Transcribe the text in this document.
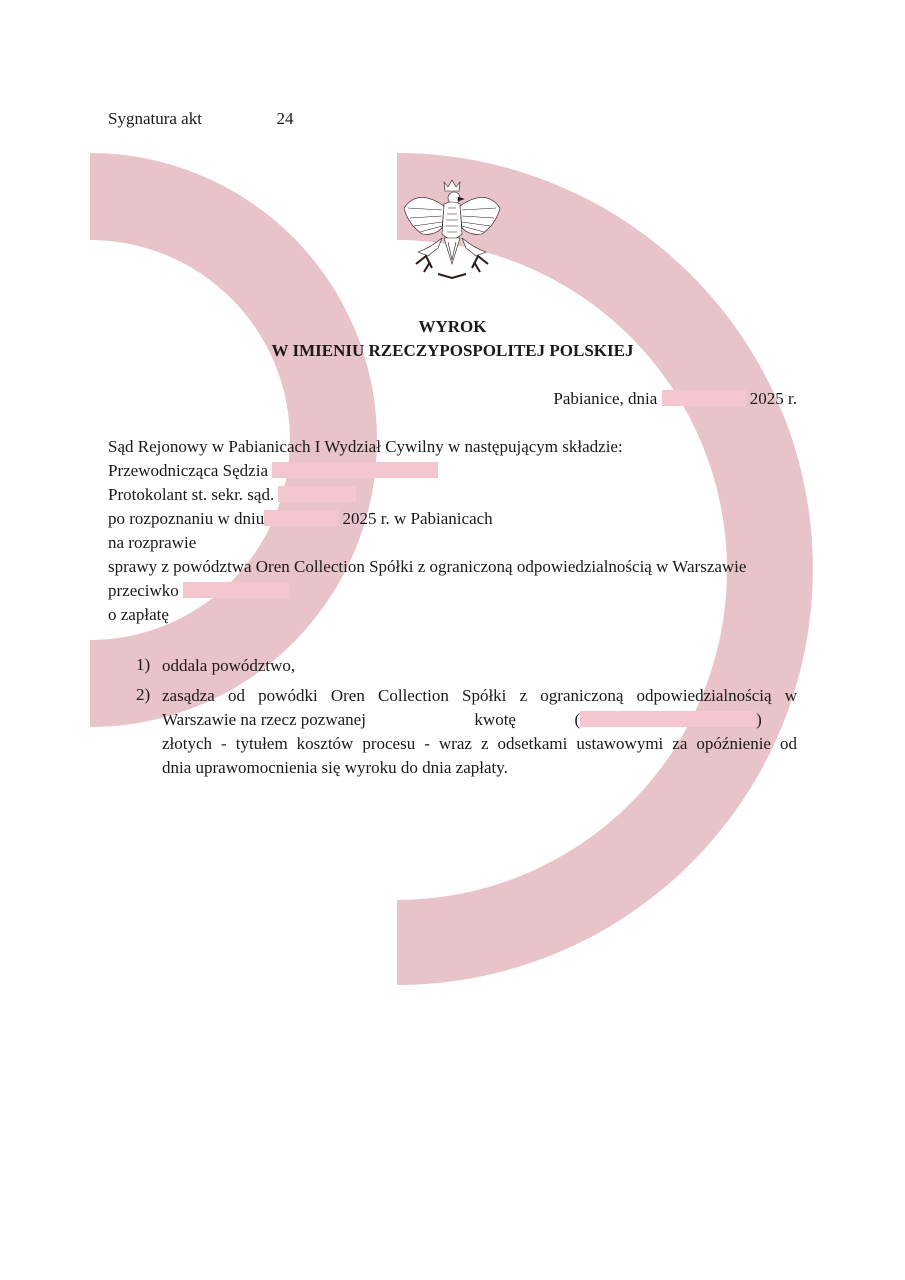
Sygnatura akt	24
WYROK
W IMIENIU RZECZYPOSPOLITEJ POLSKIEJ
Pabianice, dnia	2025 r.
Sąd Rejonowy w Pabianicach I Wydział Cywilny w następującym składzie:
Przewodnicząca Sędzia
Protokolant st. sekr. sąd.
po rozpoznaniu w dniu	2025 r. w Pabianicach
na rozprawie
sprawy z powództwa Oren Collection Spółki z ograniczoną odpowiedzialnością w Warszawie
przeciwko
o zapłatę
1) oddala powództwo,
2) zasądza od powódki Oren Collection Spółki z ograniczoną odpowiedzialnością w
Warszawie na rzecz pozwanej	kwotę	(	)
złotych - tytułem kosztów procesu - wraz z odsetkami ustawowymi za opóźnienie od
dnia uprawomocnienia się wyroku do dnia zapłaty.
